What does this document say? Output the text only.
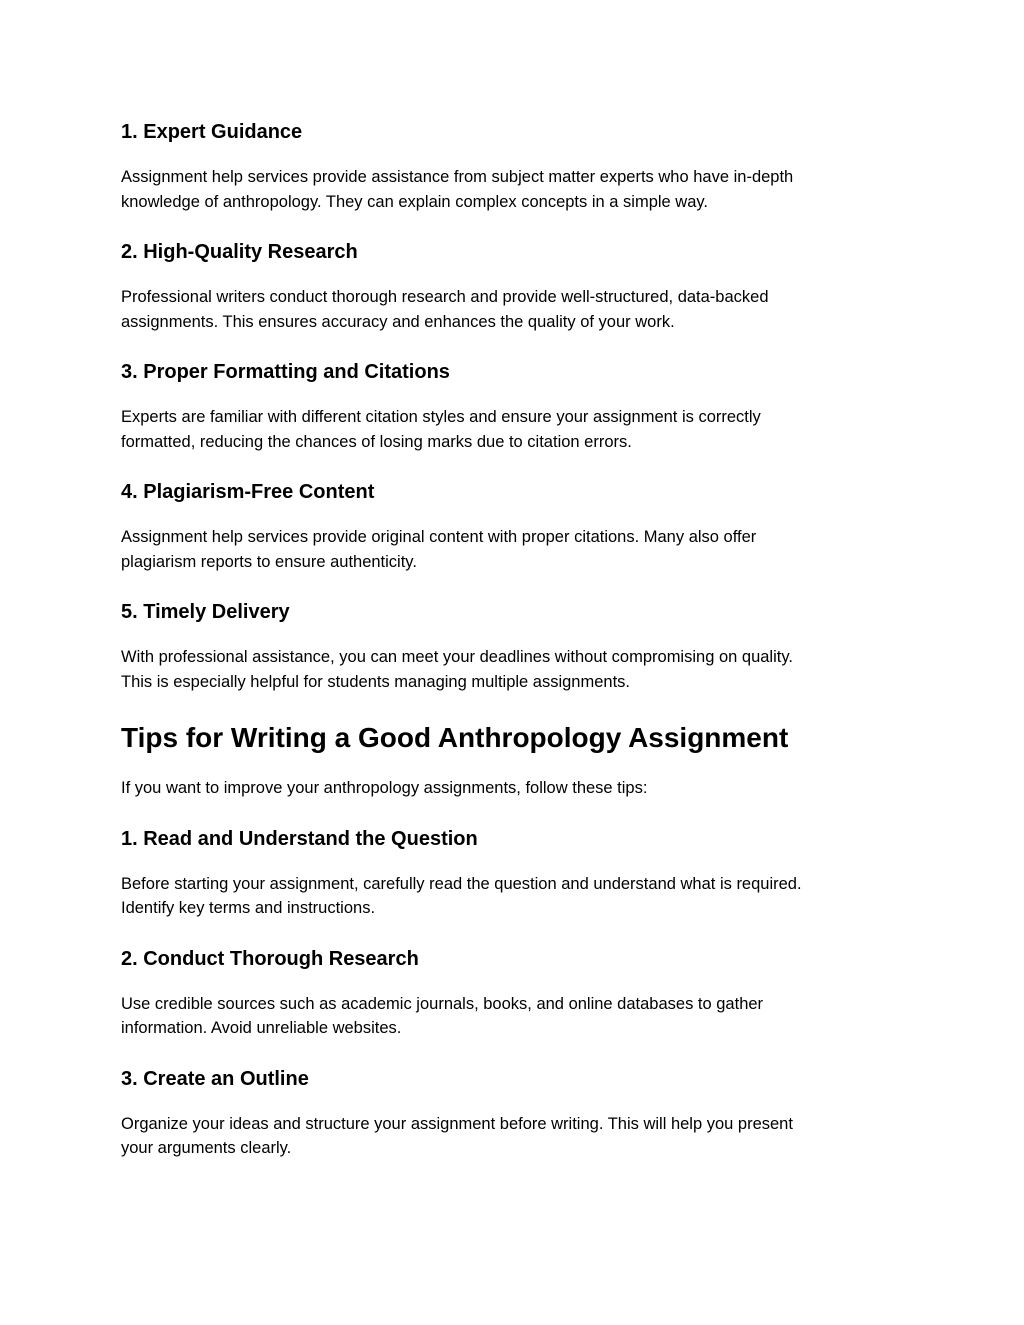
1. Expert Guidance

Assignment help services provide assistance from subject matter experts who have in-depth
knowledge of anthropology. They can explain complex concepts in a simple way.

2. High-Quality Research

Professional writers conduct thorough research and provide well-structured, data-backed
assignments. This ensures accuracy and enhances the quality of your work.

3. Proper Formatting and Citations

Experts are familiar with different citation styles and ensure your assignment is correctly
formatted, reducing the chances of losing marks due to citation errors.

4. Plagiarism-Free Content

Assignment help services provide original content with proper citations. Many also offer
plagiarism reports to ensure authenticity.

5. Timely Delivery

With professional assistance, you can meet your deadlines without compromising on quality.
This is especially helpful for students managing multiple assignments.

Tips for Writing a Good Anthropology Assignment

If you want to improve your anthropology assignments, follow these tips:

1. Read and Understand the Question

Before starting your assignment, carefully read the question and understand what is required.
Identify key terms and instructions.

2. Conduct Thorough Research

Use credible sources such as academic journals, books, and online databases to gather
information. Avoid unreliable websites.

3. Create an Outline

Organize your ideas and structure your assignment before writing. This will help you present
your arguments clearly.
